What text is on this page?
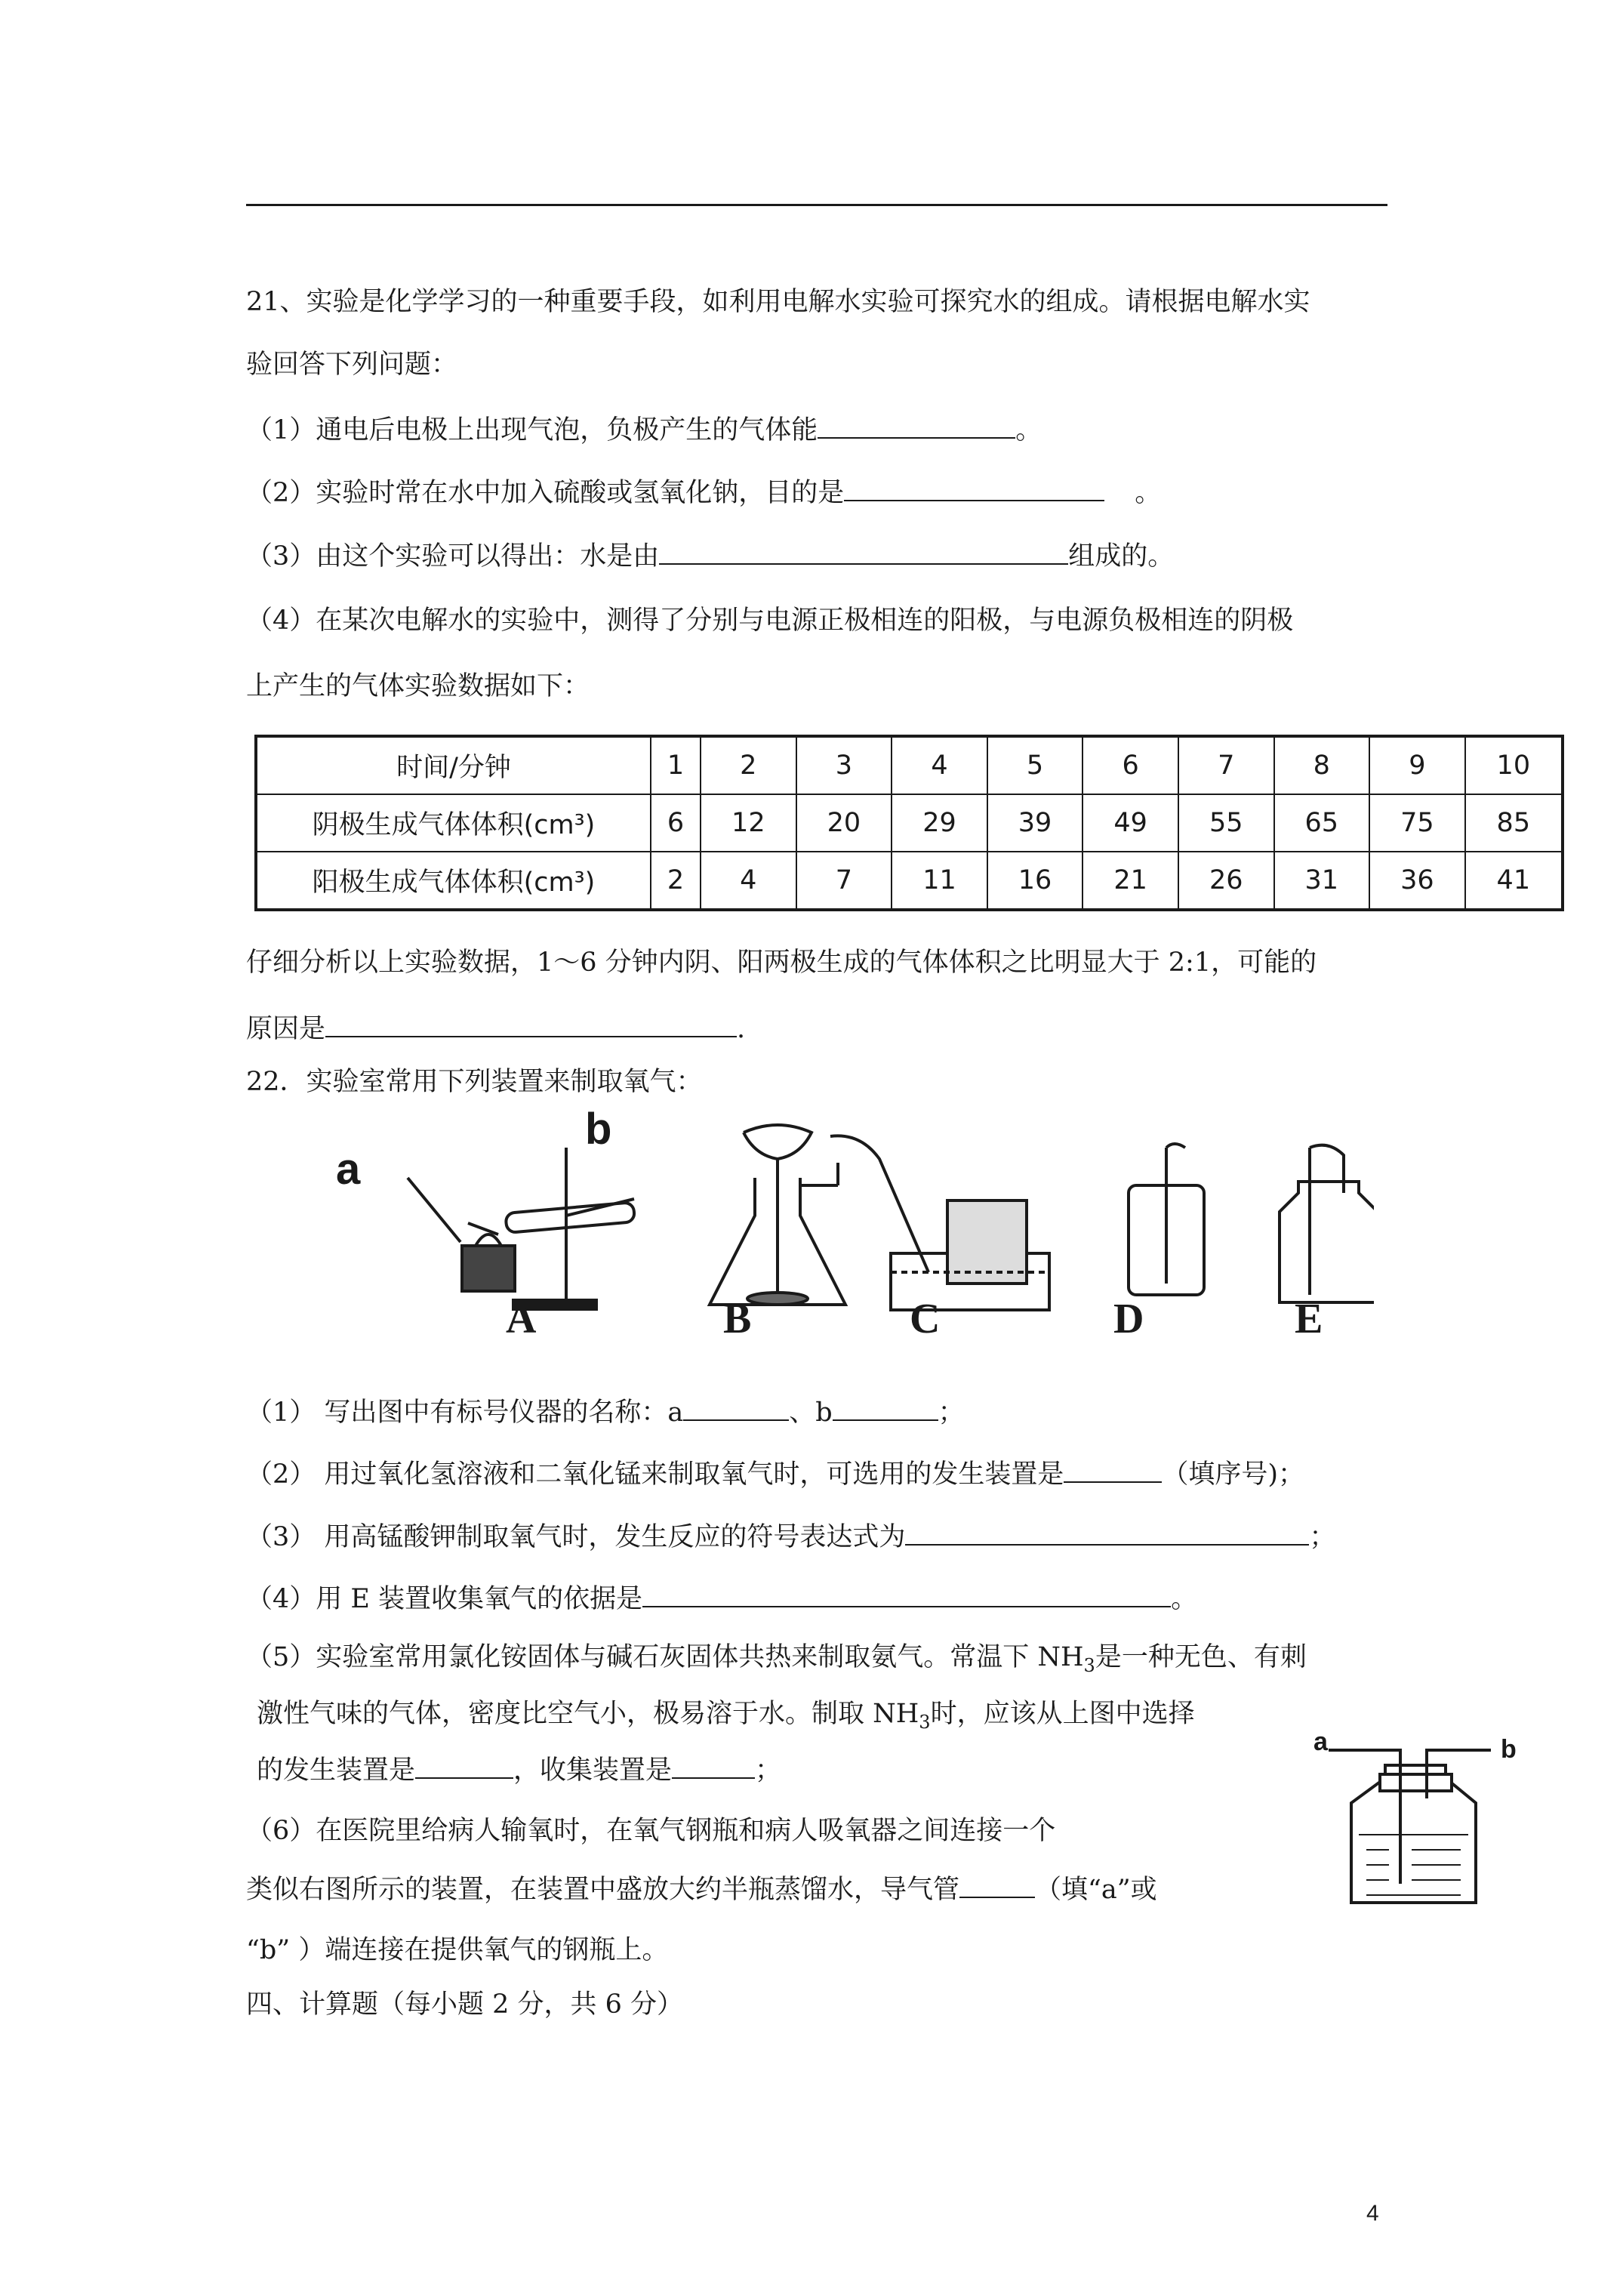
21、实验是化学学习的一种重要手段，如利用电解水实验可探究水的组成。请根据电解水实
验回答下列问题：
（1）通电后电极上出现气泡，负极产生的气体能	。
（2）实验时常在水中加入硫酸或氢氧化钠，目的是	。
（3）由这个实验可以得出：水是由	组成的。
（4）在某次电解水的实验中，测得了分别与电源正极相连的阳极，与电源负极相连的阴极
上产生的气体实验数据如下：
时间/分钟	1	2	3	4	5	6	7	8	9	10
阴极生成气体体积(cm³)	6	12	20	29	39	49	55	65	75	85
阳极生成气体体积(cm³)	2	4	7	11	16	21	26	31	36	41
仔细分析以上实验数据，1～6 分钟内阴、阳两极生成的气体体积之比明显大于 2:1，可能的
原因是	.
22．实验室常用下列装置来制取氧气：
a
b
A	B	C	D	E
（1） 写出图中有标号仪器的名称：a	、b	；
（2） 用过氧化氢溶液和二氧化锰来制取氧气时，可选用的发生装置是	（填序号)；
（3） 用高锰酸钾制取氧气时，发生反应的符号表达式为	；
（4）用 E 装置收集氧气的依据是	。
（5）实验室常用氯化铵固体与碱石灰固体共热来制取氨气。常温下 $NH_3$是一种无色、有刺
激性气味的气体，密度比空气小，极易溶于水。制取 $NH_3$时，应该从上图中选择
的发生装置是	，收集装置是	；
（6）在医院里给病人输氧时，在氧气钢瓶和病人吸氧器之间连接一个
类似右图所示的装置，在装置中盛放大约半瓶蒸馏水，导气管	（填“a”或
“b” ）端连接在提供氧气的钢瓶上。
a	b
四、计算题（每小题 2 分，共 6 分）
4
